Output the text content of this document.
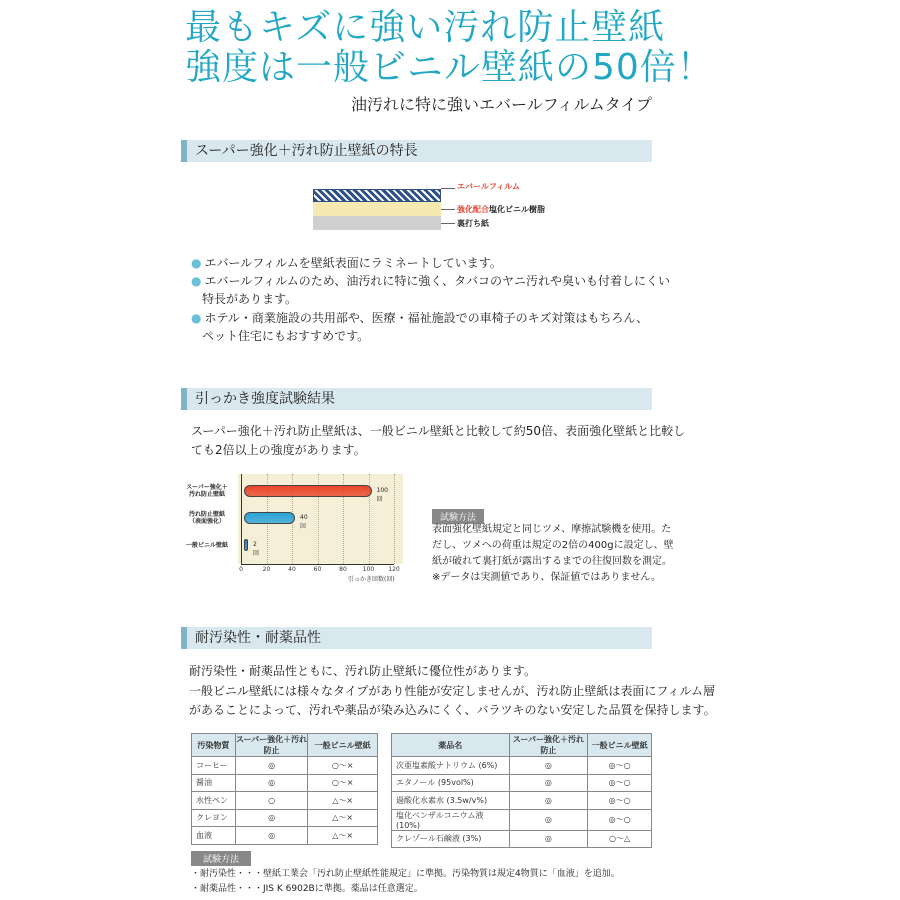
最もキズに強い汚れ防止壁紙
強度は一般ビニル壁紙の50倍！
油汚れに特に強いエバールフィルムタイプ
スーパー強化＋汚れ防止壁紙の特長
エバールフィルム
強化配合塩化ビニル樹脂
裏打ち紙
● エバールフィルムを壁紙表面にラミネートしています。
● エバールフィルムのため、油汚れに特に強く、タバコのヤニ汚れや臭いも付着しにくい
特長があります。
● ホテル・商業施設の共用部や、医療・福祉施設での車椅子のキズ対策はもちろん、
ペット住宅にもおすすめです。
引っかき強度試験結果
スーパー強化＋汚れ防止壁紙は、一般ビニル壁紙と比較して約50倍、表面強化壁紙と比較し
ても2倍以上の強度があります。
0	20	40	60	80	100 120
100回
スーパー強化＋
汚れ防止壁紙
40回
汚れ防止壁紙
（表面強化）
2回
一般ビニル壁紙
引っかき回数(回)
試験方法
表面強化壁紙規定と同じツメ、摩擦試験機を使用。た
だし、ツメへの荷重は規定の2倍の400gに設定し、壁
紙が破れて裏打紙が露出するまでの往復回数を測定。
※データは実測値であり、保証値ではありません。
耐汚染性・耐薬品性
耐汚染性・耐薬品性ともに、汚れ防止壁紙に優位性があります。
一般ビニル壁紙には様々なタイプがあり性能が安定しませんが、汚れ防止壁紙は表面にフィルム層
があることによって、汚れや薬品が染み込みにくく、バラツキのない安定した品質を保持します。
汚染物質	スーパー強化＋汚れ防止	一般ビニル壁紙
コーヒー	◎	○〜×
醤油	◎	○〜×
水性ペン	○	△〜×
クレヨン	◎	△〜×
血液	◎	△〜×
薬品名	スーパー強化＋汚れ防止	一般ビニル壁紙
次亜塩素酸ナトリウム (6%)	◎	◎〜○
エタノール (95vol%)	◎	◎〜○
過酸化水素水 (3.5w/v%)	◎	◎〜○
塩化ベンザルコニウム液 (10%)	◎	◎〜○
クレゾール石鹸液 (3%)	◎	○〜△
試験方法
・耐汚染性・・・壁紙工業会「汚れ防止壁紙性能規定」に準拠。汚染物質は規定4物質に「血液」を追加。
・耐薬品性・・・JIS K 6902Bに準拠。薬品は任意選定。
